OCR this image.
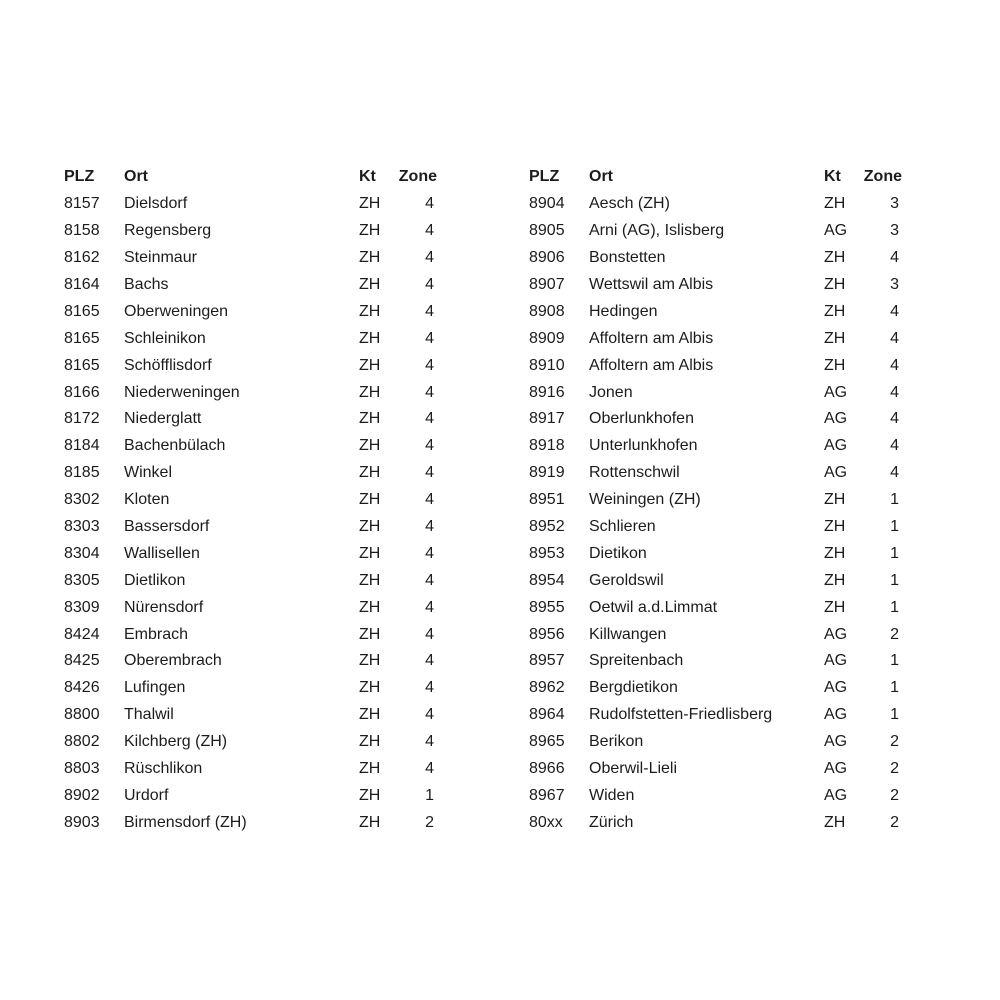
PLZ	Ort	Kt	Zone
8157	Dielsdorf	ZH	4
8158	Regensberg	ZH	4
8162	Steinmaur	ZH	4
8164	Bachs	ZH	4
8165	Oberweningen	ZH	4
8165	Schleinikon	ZH	4
8165	Schöfflisdorf	ZH	4
8166	Niederweningen	ZH	4
8172	Niederglatt	ZH	4
8184	Bachenbülach	ZH	4
8185	Winkel	ZH	4
8302	Kloten	ZH	4
8303	Bassersdorf	ZH	4
8304	Wallisellen	ZH	4
8305	Dietlikon	ZH	4
8309	Nürensdorf	ZH	4
8424	Embrach	ZH	4
8425	Oberembrach	ZH	4
8426	Lufingen	ZH	4
8800	Thalwil	ZH	4
8802	Kilchberg (ZH)	ZH	4
8803	Rüschlikon	ZH	4
8902	Urdorf	ZH	1
8903	Birmensdorf (ZH)	ZH	2
PLZ	Ort	Kt	Zone
8904	Aesch (ZH)	ZH	3
8905	Arni (AG), Islisberg	AG	3
8906	Bonstetten	ZH	4
8907	Wettswil am Albis	ZH	3
8908	Hedingen	ZH	4
8909	Affoltern am Albis	ZH	4
8910	Affoltern am Albis	ZH	4
8916	Jonen	AG	4
8917	Oberlunkhofen	AG	4
8918	Unterlunkhofen	AG	4
8919	Rottenschwil	AG	4
8951	Weiningen (ZH)	ZH	1
8952	Schlieren	ZH	1
8953	Dietikon	ZH	1
8954	Geroldswil	ZH	1
8955	Oetwil a.d.Limmat	ZH	1
8956	Killwangen	AG	2
8957	Spreitenbach	AG	1
8962	Bergdietikon	AG	1
8964	Rudolfstetten-Friedlisberg	AG	1
8965	Berikon	AG	2
8966	Oberwil-Lieli	AG	2
8967	Widen	AG	2
80xx	Zürich	ZH	2
